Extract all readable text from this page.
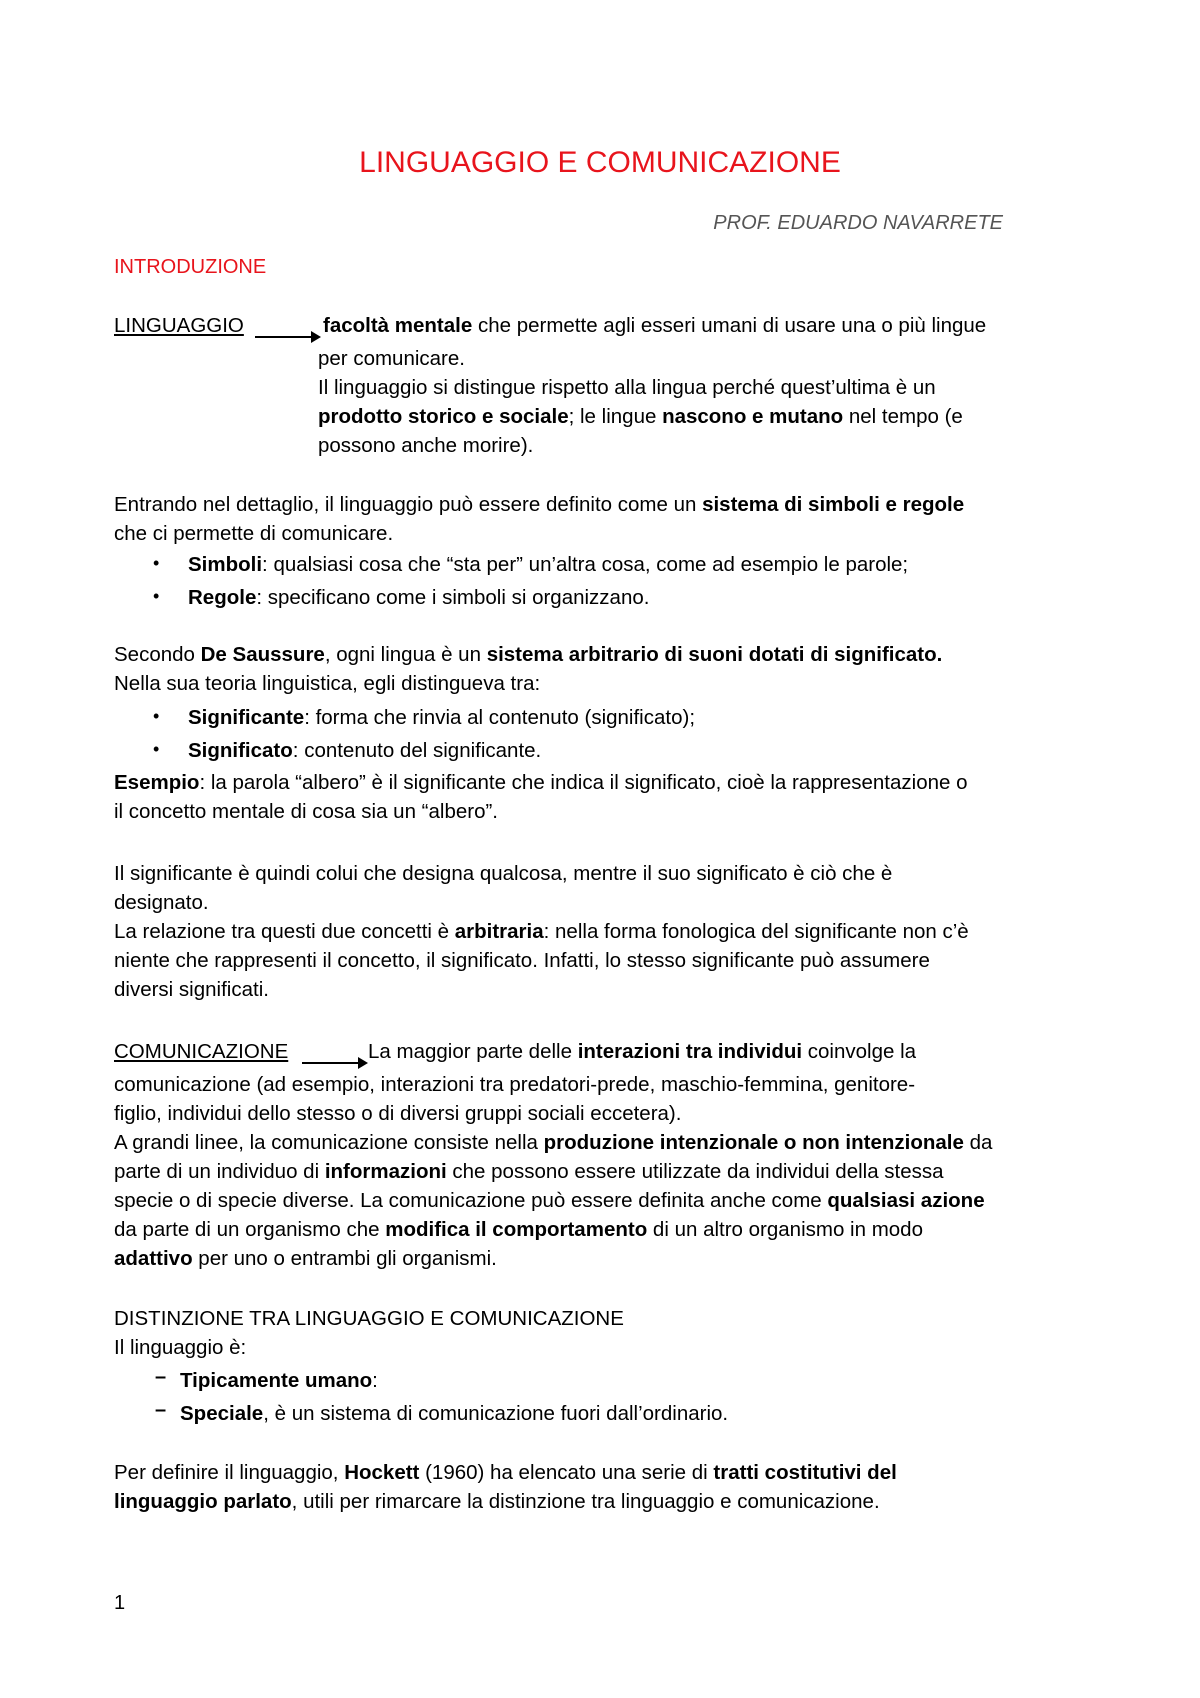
LINGUAGGIO E COMUNICAZIONE
PROF. EDUARDO NAVARRETE
INTRODUZIONE
LINGUAGGIO	facoltà mentale che permette agli esseri umani di usare una o più lingue
per comunicare.
Il linguaggio si distingue rispetto alla lingua perché quest’ultima è un
prodotto storico e sociale; le lingue nascono e mutano nel tempo (e
possono anche morire).
Entrando nel dettaglio, il linguaggio può essere definito come un sistema di simboli e regole
che ci permette di comunicare.
• Simboli: qualsiasi cosa che “sta per” un’altra cosa, come ad esempio le parole;
• Regole: specificano come i simboli si organizzano.
Secondo De Saussure, ogni lingua è un sistema arbitrario di suoni dotati di significato.
Nella sua teoria linguistica, egli distingueva tra:
• Significante: forma che rinvia al contenuto (significato);
• Significato: contenuto del significante.
Esempio: la parola “albero” è il significante che indica il significato, cioè la rappresentazione o
il concetto mentale di cosa sia un “albero”.
Il significante è quindi colui che designa qualcosa, mentre il suo significato è ciò che è
designato.
La relazione tra questi due concetti è arbitraria: nella forma fonologica del significante non c’è
niente che rappresenti il concetto, il significato. Infatti, lo stesso significante può assumere
diversi significati.
COMUNICAZIONE	La maggior parte delle interazioni tra individui coinvolge la
comunicazione (ad esempio, interazioni tra predatori-prede, maschio-femmina, genitore-
figlio, individui dello stesso o di diversi gruppi sociali eccetera).
A grandi linee, la comunicazione consiste nella produzione intenzionale o non intenzionale da
parte di un individuo di informazioni che possono essere utilizzate da individui della stessa
specie o di specie diverse. La comunicazione può essere definita anche come qualsiasi azione
da parte di un organismo che modifica il comportamento di un altro organismo in modo
adattivo per uno o entrambi gli organismi.
DISTINZIONE TRA LINGUAGGIO E COMUNICAZIONE
Il linguaggio è:
– Tipicamente umano:
– Speciale, è un sistema di comunicazione fuori dall’ordinario.
Per definire il linguaggio, Hockett (1960) ha elencato una serie di tratti costitutivi del
linguaggio parlato, utili per rimarcare la distinzione tra linguaggio e comunicazione.
1
